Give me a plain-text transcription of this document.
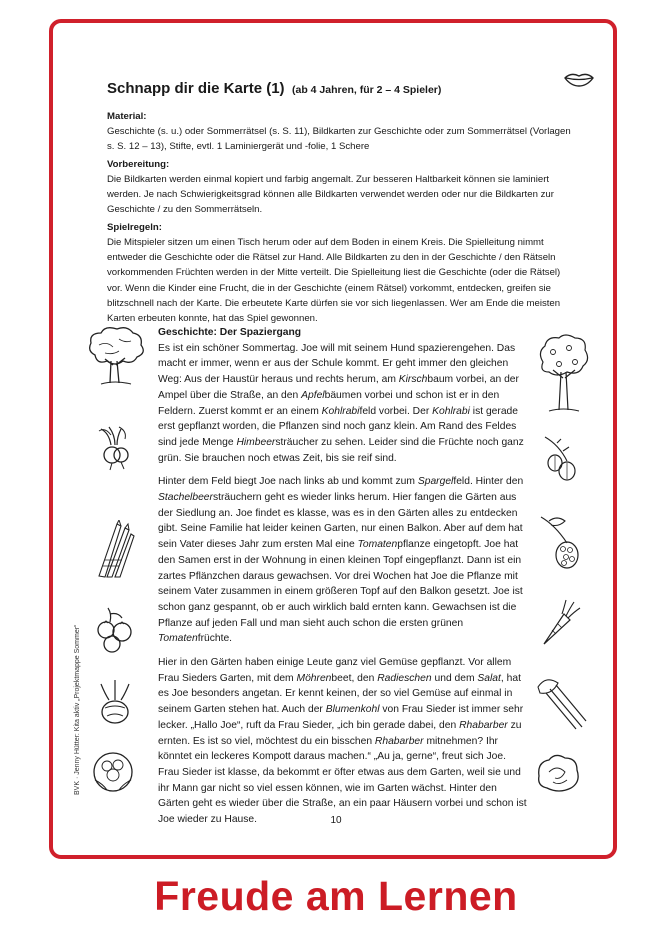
Schnapp dir die Karte (1) (ab 4 Jahren, für 2 – 4 Spieler)
Material:

Geschichte (s. u.) oder Sommerrätsel (s. S. 11), Bildkarten zur Geschichte oder zum Sommerrätsel (Vorlagen s. S. 12 – 13), Stifte, evtl. 1 Laminiergerät und -folie, 1 Schere

Vorbereitung:

Die Bildkarten werden einmal kopiert und farbig angemalt. Zur besseren Haltbarkeit können sie laminiert werden. Je nach Schwierigkeitsgrad können alle Bildkarten verwendet werden oder nur die Bildkarten zur Geschichte / zu den Sommerrätseln.

Spielregeln:

Die Mitspieler sitzen um einen Tisch herum oder auf dem Boden in einem Kreis. Die Spielleitung nimmt entweder die Geschichte oder die Rätsel zur Hand. Alle Bildkarten zu den in der Geschichte / den Rätseln vorkommenden Früchten werden in der Mitte verteilt. Die Spielleitung liest die Geschichte (oder die Rätsel) vor. Wenn die Kinder eine Frucht, die in der Geschichte (einem Rätsel) vorkommt, entdecken, greifen sie blitzschnell nach der Karte. Die erbeutete Karte dürfen sie vor sich liegenlassen. Wer am Ende die meisten Karten erbeuten konnte, hat das Spiel gewonnen.

Geschichte: Der Spaziergang

Es ist ein schöner Sommertag. Joe will mit seinem Hund spazierengehen. Das macht er immer, wenn er aus der Schule kommt. Er geht immer den gleichen Weg: Aus der Haustür heraus und rechts herum, am Kirschbaum vorbei, an der Ampel über die Straße, an den Apfelbäumen vorbei und schon ist er in den Feldern. Zuerst kommt er an einem Kohlrabifeld vorbei. Der Kohlrabi ist gerade erst gepflanzt worden, die Pflanzen sind noch ganz klein. Am Rand des Feldes sind jede Menge Himbeersträucher zu sehen. Leider sind die Früchte noch ganz grün. Sie brauchen noch etwas Zeit, bis sie reif sind.

Hinter dem Feld biegt Joe nach links ab und kommt zum Spargelfeld. Hinter den Stachelbeersträuchern geht es wieder links herum. Hier fangen die Gärten aus der Siedlung an. Joe findet es klasse, was es in den Gärten alles zu entdecken gibt. Seine Familie hat leider keinen Garten, nur einen Balkon. Aber auf dem hat sein Vater dieses Jahr zum ersten Mal eine Tomatenpflanze eingetopft. Joe hat den Samen erst in der Wohnung in einen kleinen Topf eingepflanzt. Dann ist ein zartes Pflänzchen daraus gewachsen. Vor drei Wochen hat Joe die Pflanze mit seinem Vater zusammen in einem größeren Topf auf den Balkon gesetzt. Joe ist schon ganz gespannt, ob er auch wirklich bald ernten kann. Gewachsen ist die Pflanze auf jeden Fall und man sieht auch schon die ersten grünen Tomatenfrüchte.

Hier in den Gärten haben einige Leute ganz viel Gemüse gepflanzt. Vor allem Frau Sieders Garten, mit dem Möhrenbeet, den Radieschen und dem Salat, hat es Joe besonders angetan. Er kennt keinen, der so viel Gemüse auf einmal in seinem Garten stehen hat. Auch der Blumenkohl von Frau Sieder ist immer sehr lecker. „Hallo Joe“, ruft da Frau Sieder, „ich bin gerade dabei, den Rhabarber zu ernten. Es ist so viel, möchtest du ein bisschen Rhabarber mitnehmen? Ihr könntet ein leckeres Kompott daraus machen.“ „Au ja, gerne“, freut sich Joe. Frau Sieder ist klasse, da bekommt er öfter etwas aus dem Garten, weil sie und ihr Mann gar nicht so viel essen können, wie im Garten wächst. Hinter den Gärten geht es wieder über die Straße, an ein paar Häusern vorbei und schon ist Joe wieder zu Hause.

BVK · Jenny Hütter: Kita aktiv „Projektmappe Sommer“
10
Freude am Lernen
